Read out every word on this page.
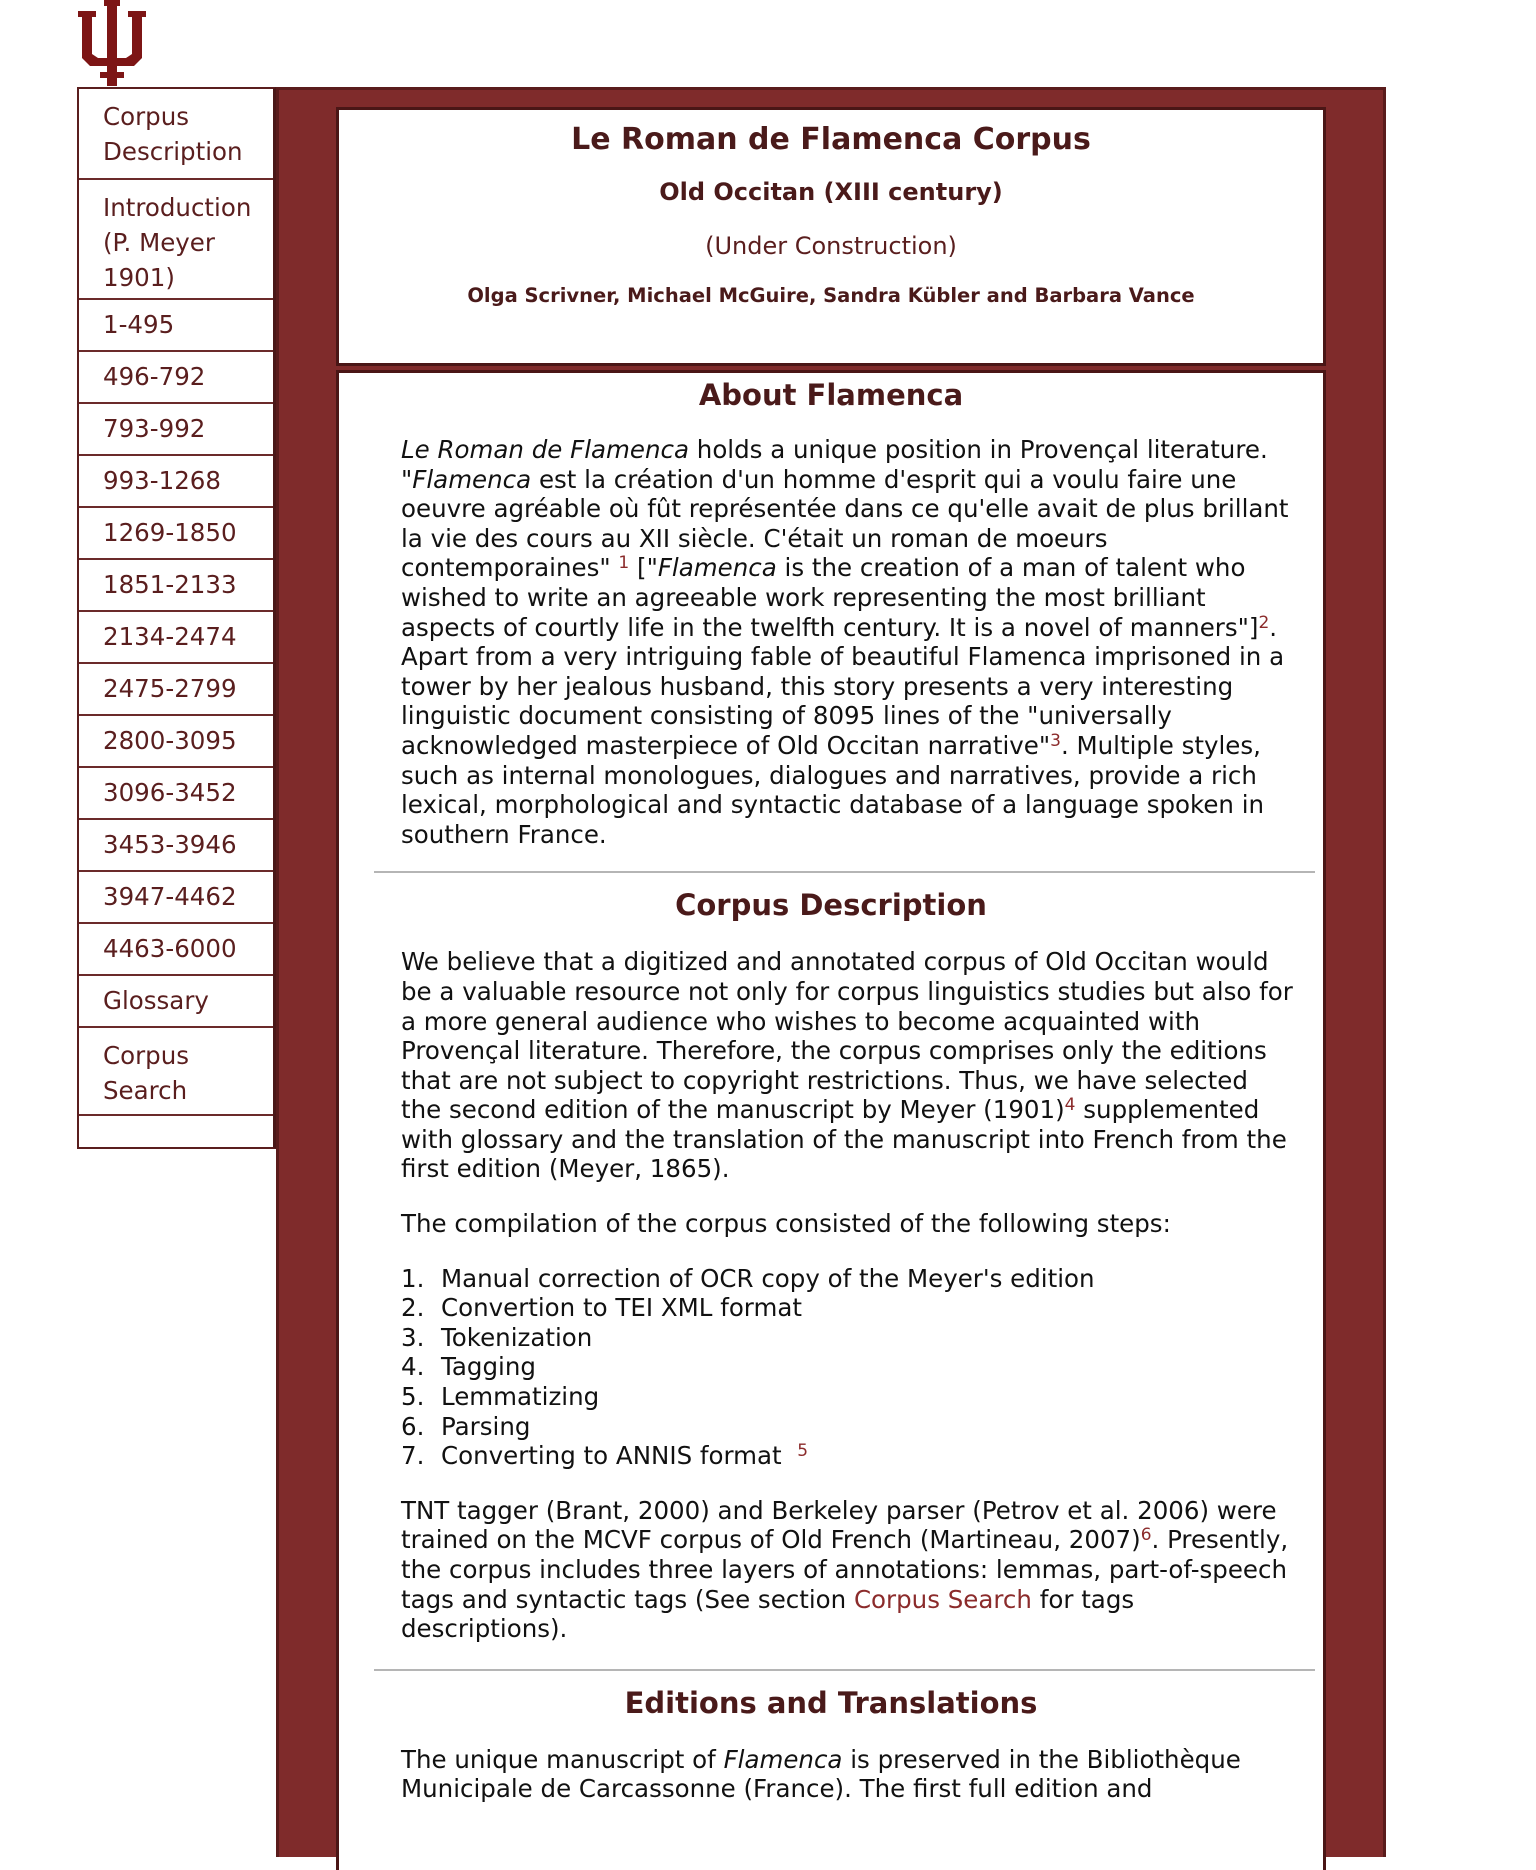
Corpus Description
Introduction (P. Meyer 1901)
1-495
496-792
793-992
993-1268
1269-1850
1851-2133
2134-2474
2475-2799
2800-3095
3096-3452
3453-3946
3947-4462
4463-6000
Glossary
Corpus Search
Le Roman de Flamenca Corpus
Old Occitan (XIII century)
(Under Construction)
Olga Scrivner, Michael McGuire, Sandra Kübler and Barbara Vance
About Flamenca

Le Roman de Flamenca holds a unique position in Provençal literature. "Flamenca est la création d'un homme d'esprit qui a voulu faire une oeuvre agréable où fût représentée dans ce qu'elle avait de plus brillant la vie des cours au XII siècle. C'était un roman de moeurs contemporaines" $^1$ ["Flamenca is the creation of a man of talent who wished to write an agreeable work representing the most brilliant aspects of courtly life in the twelfth century. It is a novel of manners"]$^2$. Apart from a very intriguing fable of beautiful Flamenca imprisoned in a tower by her jealous husband, this story presents a very interesting linguistic document consisting of 8095 lines of the "universally acknowledged masterpiece of Old Occitan narrative"$^3$. Multiple styles, such as internal monologues, dialogues and narratives, provide a rich lexical, morphological and syntactic database of a language spoken in southern France.

Corpus Description

We believe that a digitized and annotated corpus of Old Occitan would be a valuable resource not only for corpus linguistics studies but also for a more general audience who wishes to become acquainted with Provençal literature. Therefore, the corpus comprises only the editions that are not subject to copyright restrictions. Thus, we have selected the second edition of the manuscript by Meyer (1901)$^4$ supplemented with glossary and the translation of the manuscript into French from the first edition (Meyer, 1865).

The compilation of the corpus consisted of the following steps:

1. Manual correction of OCR copy of the Meyer's edition
2. Convertion to TEI XML format
3. Tokenization
4. Tagging
5. Lemmatizing
6. Parsing
7. Converting to ANNIS format  $^5$

TNT tagger (Brant, 2000) and Berkeley parser (Petrov et al. 2006) were trained on the MCVF corpus of Old French (Martineau, 2007)$^6$. Presently, the corpus includes three layers of annotations: lemmas, part-of-speech tags and syntactic tags (See section Corpus Search for tags descriptions).

Editions and Translations

The unique manuscript of Flamenca is preserved in the Bibliothèque Municipale de Carcassonne (France). The first full edition and
